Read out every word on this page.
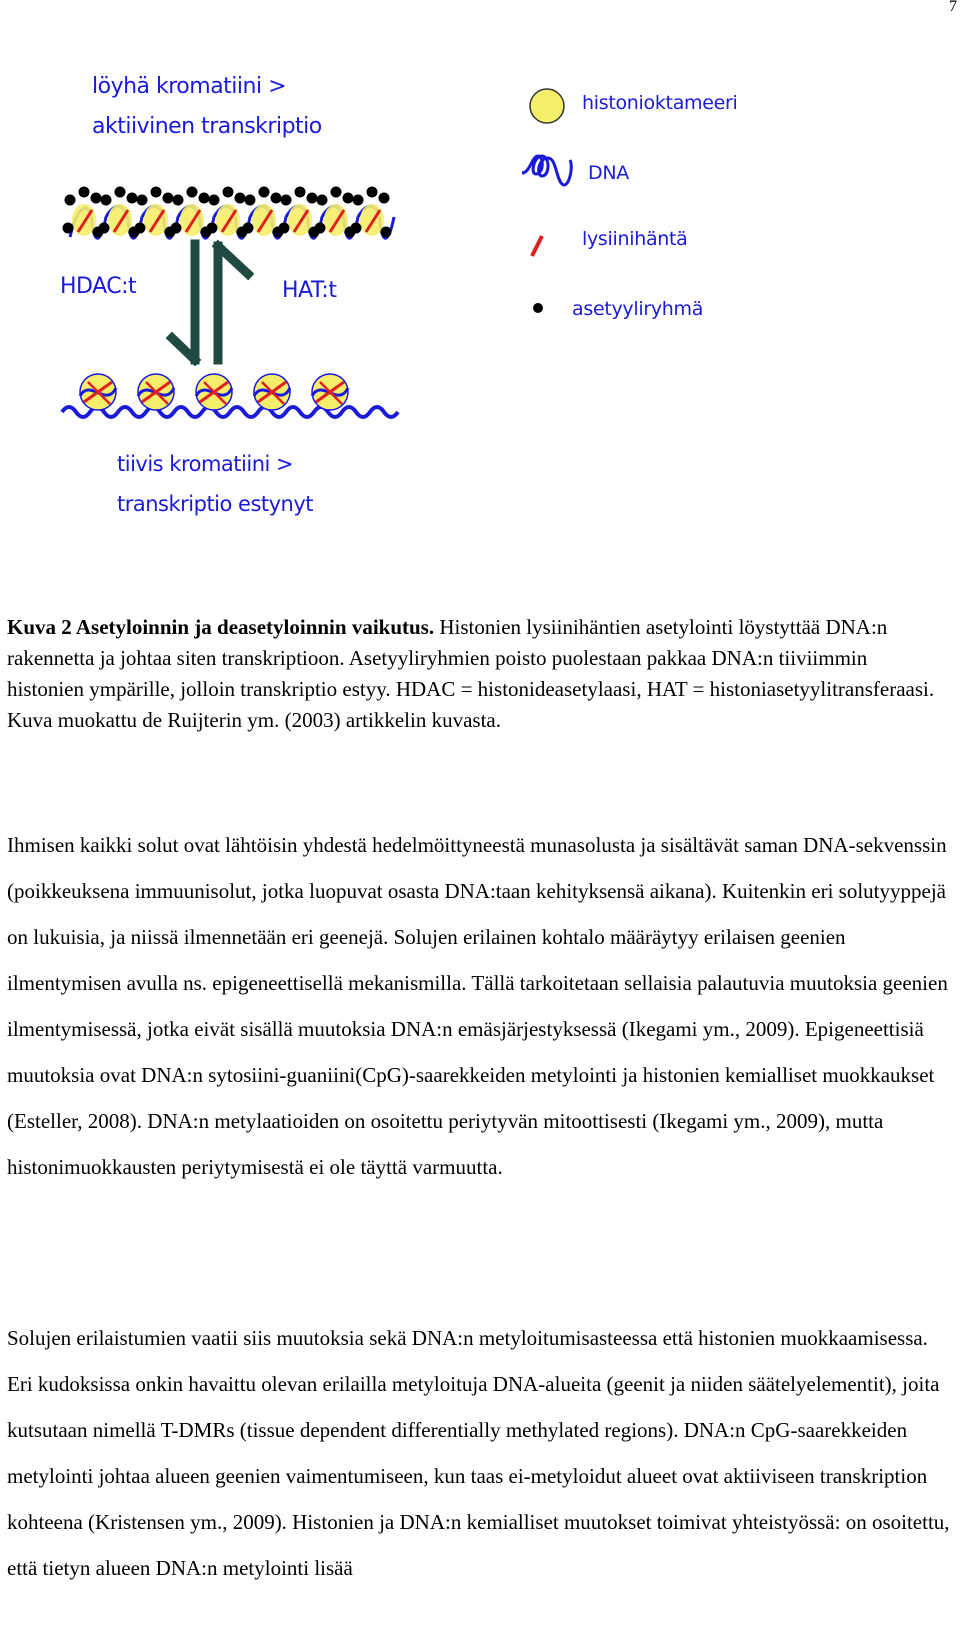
7
löyhä kromatiini >
aktiivinen transkriptio
HDAC:t	HAT:t
tiivis kromatiini >
transkriptio estynyt
histonioktameeri
DNA
lysiinihäntä
asetyyliryhmä
Kuva 2 Asetyloinnin ja deasetyloinnin vaikutus. Histonien lysiinihäntien asetylointi löystyttää DNA:n rakennetta ja johtaa siten transkriptioon. Asetyyliryhmien poisto puolestaan pakkaa DNA:n tiiviimmin histonien ympärille, jolloin transkriptio estyy. HDAC = histonideasetylaasi, HAT = histoniasetyylitransferaasi. Kuva muokattu de Ruijterin ym. (2003) artikkelin kuvasta.

Ihmisen kaikki solut ovat lähtöisin yhdestä hedelmöittyneestä munasolusta ja sisältävät saman DNA-sekvenssin (poikkeuksena immuunisolut, jotka luopuvat osasta DNA:taan kehityksensä aikana). Kuitenkin eri solutyyppejä on lukuisia, ja niissä ilmennetään eri geenejä. Solujen erilainen kohtalo määräytyy erilaisen geenien ilmentymisen avulla ns. epigeneettisellä mekanismilla. Tällä tarkoitetaan sellaisia palautuvia muutoksia geenien ilmentymisessä, jotka eivät sisällä muutoksia DNA:n emäsjärjestyksessä (Ikegami ym., 2009). Epigeneettisiä muutoksia ovat DNA:n sytosiini-guaniini(CpG)-saarekkeiden metylointi ja histonien kemialliset muokkaukset (Esteller, 2008). DNA:n metylaatioiden on osoitettu periytyvän mitoottisesti (Ikegami ym., 2009), mutta histonimuokkausten periytymisestä ei ole täyttä varmuutta.

Solujen erilaistumien vaatii siis muutoksia sekä DNA:n metyloitumisasteessa että histonien muokkaamisessa. Eri kudoksissa onkin havaittu olevan erilailla metyloituja DNA-alueita (geenit ja niiden säätelyelementit), joita kutsutaan nimellä T-DMRs (tissue dependent differentially methylated regions). DNA:n CpG-saarekkeiden metylointi johtaa alueen geenien vaimentumiseen, kun taas ei-metyloidut alueet ovat aktiiviseen transkription kohteena (Kristensen ym., 2009). Histonien ja DNA:n kemialliset muutokset toimivat yhteistyössä: on osoitettu, että tietyn alueen DNA:n metylointi lisää
